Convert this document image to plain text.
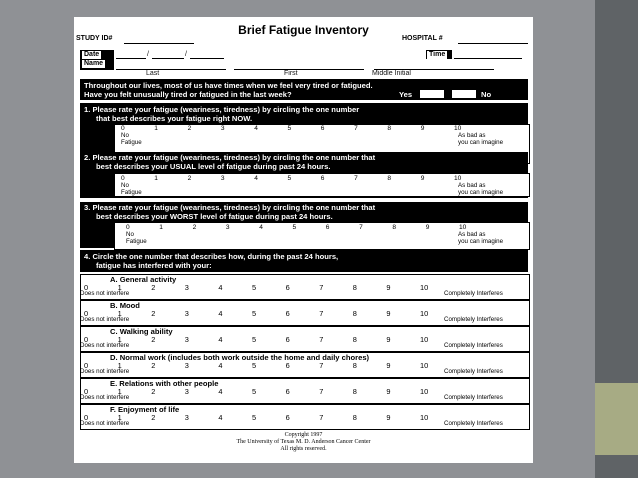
Brief Fatigue Inventory
STUDY ID#	HOSPITAL #
Date
Name
/	/	Time
Last	First	Middle Initial
Throughout our lives, most of us have times when we feel very tired or fatigued.
Have you felt unusually tired or fatigued in the last week?	Yes	No
1. Please rate your fatigue (weariness, tiredness) by circling the one number
that best describes your fatigue right NOW.
0	1	2	3	4	5	6	7	8	9	10
No
Fatigue
As bad as
you can imagine
2. Please rate your fatigue (weariness, tiredness) by circling the one number that
best describes your USUAL level of fatigue during past 24 hours.
0	1	2	3	4	5	6	7	8	9	10
No
Fatigue
As bad as
you can imagine
3. Please rate your fatigue (weariness, tiredness) by circling the one number that
best describes your WORST level of fatigue during past 24 hours.
0	1	2	3	4	5	6	7	8	9	10
No
Fatigue
As bad as
you can imagine
4. Circle the one number that describes how, during the past 24 hours,
fatigue has interfered with your:
A. General activity
0	1	2	3	4	5	6	7	8	9	10
Does not interfere	Completely Interferes
B. Mood
0	1	2	3	4	5	6	7	8	9	10
Does not interfere	Completely Interferes
C. Walking ability
0	1	2	3	4	5	6	7	8	9	10
Does not interfere	Completely Interferes
D. Normal work (includes both work outside the home and daily chores)
0	1	2	3	4	5	6	7	8	9	10
Does not interfere	Completely Interferes
E. Relations with other people
0	1	2	3	4	5	6	7	8	9	10
Does not interfere	Completely Interferes
F. Enjoyment of life
0	1	2	3	4	5	6	7	8	9	10
Does not interfere	Completely Interferes
Copyright 1997
The University of Texas M. D. Anderson Cancer Center
All rights reserved.
